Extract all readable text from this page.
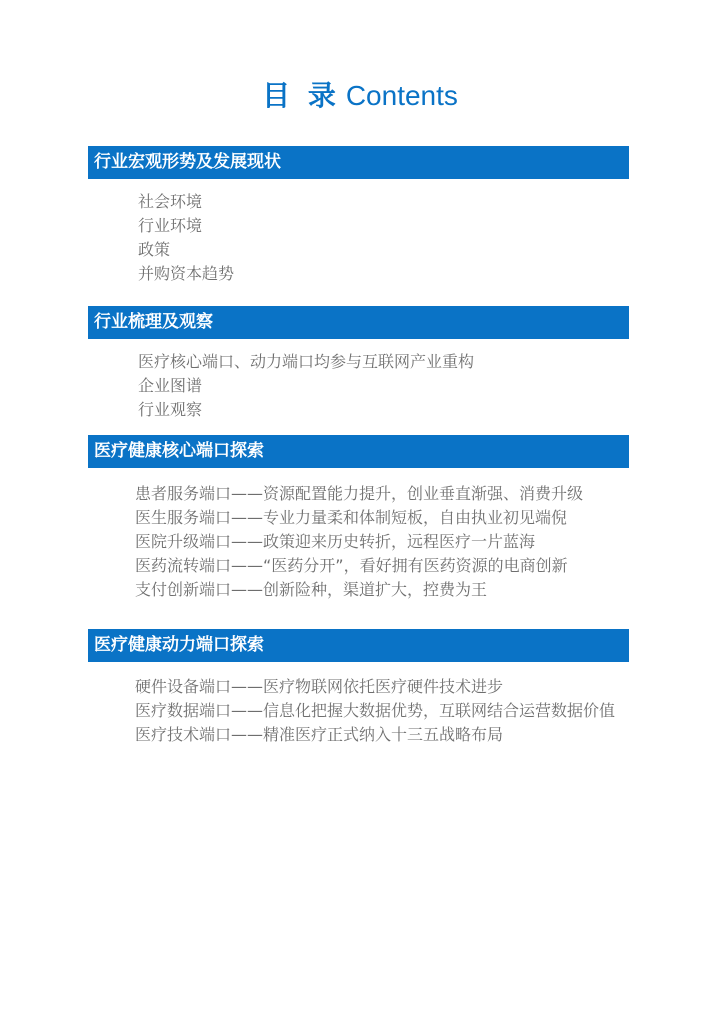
目 录 Contents
行业宏观形势及发展现状
社会环境
行业环境
政策
并购资本趋势
行业梳理及观察
医疗核心端口、动力端口均参与互联网产业重构
企业图谱
行业观察
医疗健康核心端口探索
患者服务端口——资源配置能力提升，创业垂直渐强、消费升级
医生服务端口——专业力量柔和体制短板，自由执业初见端倪
医院升级端口——政策迎来历史转折，远程医疗一片蓝海
医药流转端口——“医药分开”，看好拥有医药资源的电商创新
支付创新端口——创新险种，渠道扩大，控费为王
医疗健康动力端口探索
硬件设备端口——医疗物联网依托医疗硬件技术进步
医疗数据端口——信息化把握大数据优势，互联网结合运营数据价值
医疗技术端口——精准医疗正式纳入十三五战略布局
